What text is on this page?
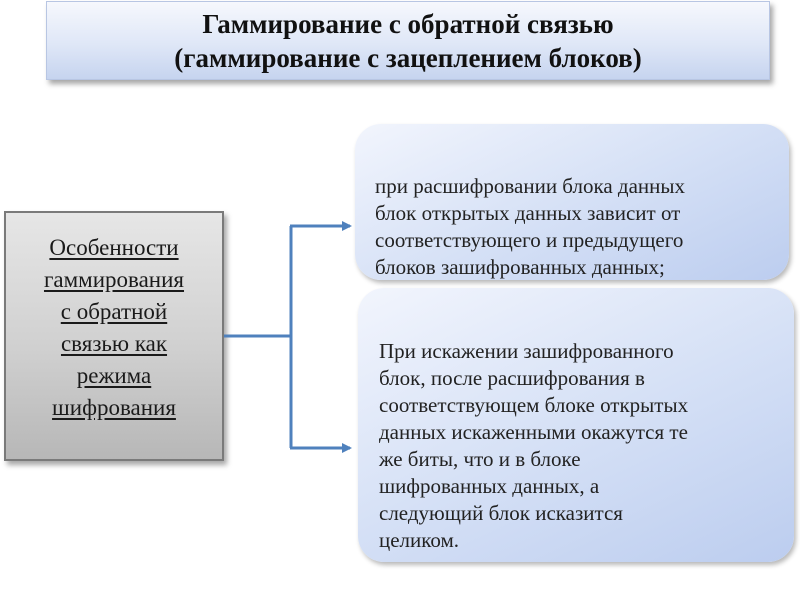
Гаммирование с обратной связью
(гаммирование с зацеплением блоков)
Особенности
гаммирования
с обратной
связью как
режима
шифрования

при расшифровании блока данных
блок открытых данных зависит от
соответствующего и предыдущего
блоков зашифрованных данных;

При искажении зашифрованного
блок, после расшифрования в
соответствующем блоке открытых
данных искаженными окажутся те
же биты, что и в блоке
шифрованных данных, а
следующий блок исказится
целиком.
